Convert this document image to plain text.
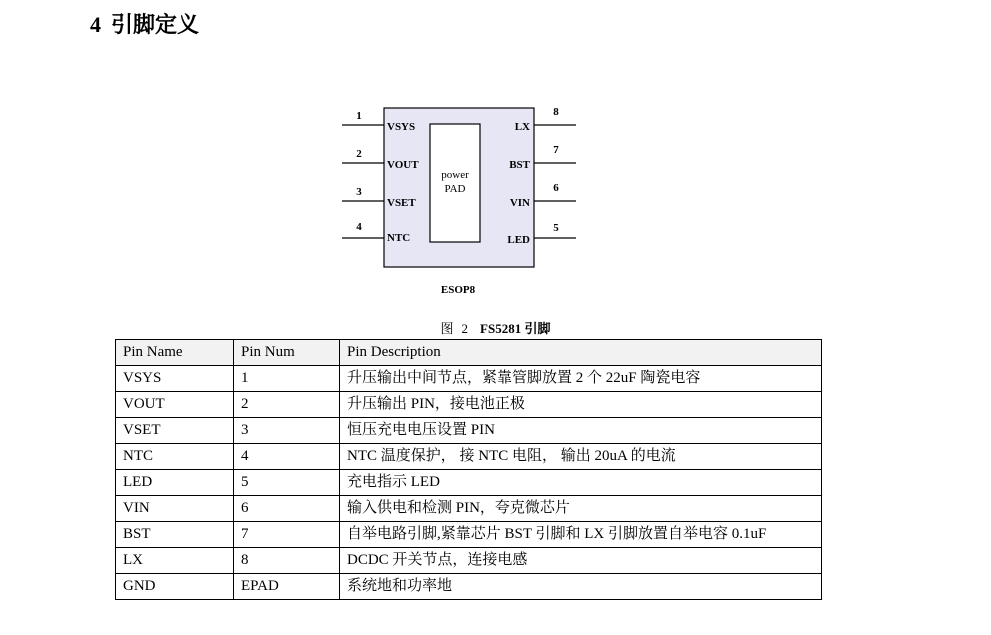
4 引脚定义
power
PAD
1
VSYS
2
VOUT
3
VSET
4
NTC
8
LX
7
BST
6
VIN
5
LED
ESOP8
图 2 FS5281 引脚
Pin Name	Pin Num	Pin Description
VSYS	1	升压输出中间节点，紧靠管脚放置 2 个 22uF 陶瓷电容
VOUT	2	升压输出 PIN，接电池正极
VSET	3	恒压充电电压设置 PIN
NTC	4	NTC 温度保护， 接 NTC 电阻， 输出 20uA 的电流
LED	5	充电指示 LED
VIN	6	输入供电和检测 PIN，夸克微芯片
BST	7	自举电路引脚,紧靠芯片 BST 引脚和 LX 引脚放置自举电容 0.1uF
LX	8	DCDC 开关节点，连接电感
GND	EPAD	系统地和功率地
